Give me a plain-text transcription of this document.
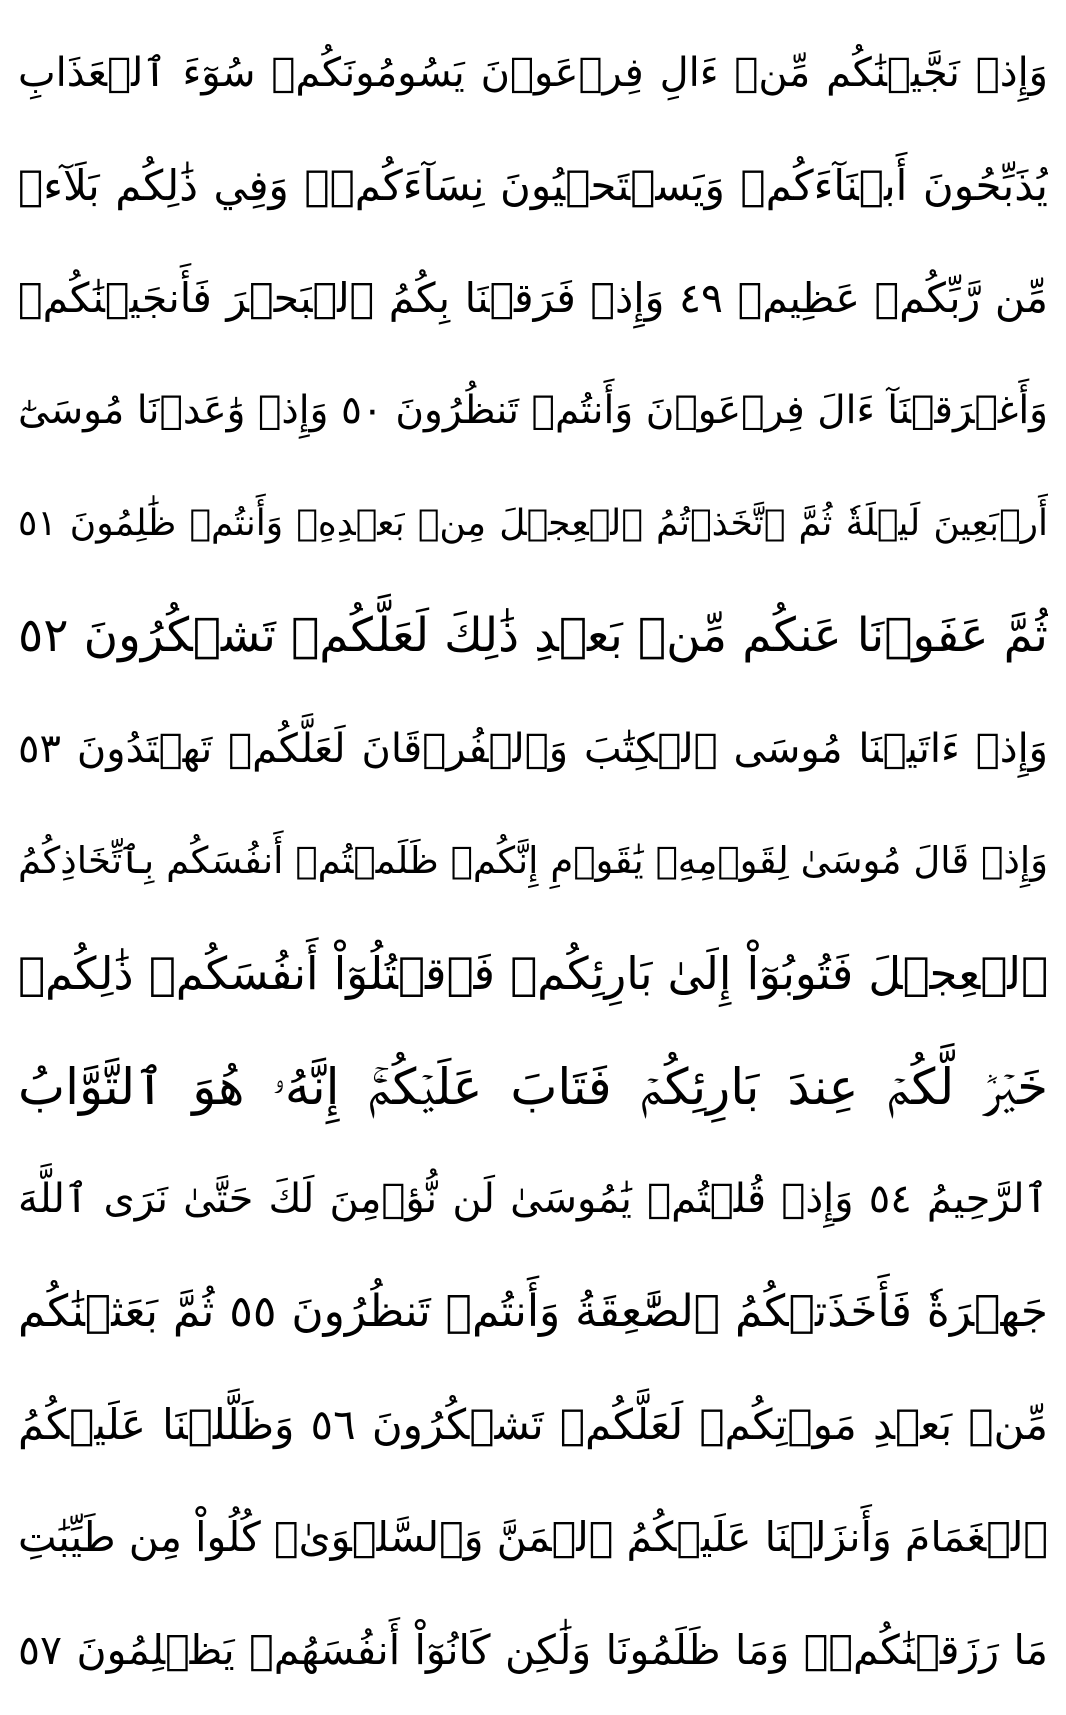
وَإِذۡ نَجَّيۡنَٰكُم مِّنۡ ءَالِ فِرۡعَوۡنَ يَسُومُونَكُمۡ سُوٓءَ ٱلۡعَذَابِ
يُذَبِّحُونَ أَبۡنَآءَكُمۡ وَيَسۡتَحۡيُونَ نِسَآءَكُمۡۚ وَفِي ذَٰلِكُم بَلَآءٞ
مِّن رَّبِّكُمۡ عَظِيمٞ ٤٩ وَإِذۡ فَرَقۡنَا بِكُمُ ٱلۡبَحۡرَ فَأَنجَيۡنَٰكُمۡ
وَأَغۡرَقۡنَآ ءَالَ فِرۡعَوۡنَ وَأَنتُمۡ تَنظُرُونَ ٥٠ وَإِذۡ وَٰعَدۡنَا مُوسَىٰٓ
أَرۡبَعِينَ لَيۡلَةٗ ثُمَّ ٱتَّخَذۡتُمُ ٱلۡعِجۡلَ مِنۢ بَعۡدِهِۦ وَأَنتُمۡ ظَٰلِمُونَ ٥١
ثُمَّ عَفَوۡنَا عَنكُم مِّنۢ بَعۡدِ ذَٰلِكَ لَعَلَّكُمۡ تَشۡكُرُونَ ٥٢
وَإِذۡ ءَاتَيۡنَا مُوسَى ٱلۡكِتَٰبَ وَٱلۡفُرۡقَانَ لَعَلَّكُمۡ تَهۡتَدُونَ ٥٣
وَإِذۡ قَالَ مُوسَىٰ لِقَوۡمِهِۦ يَٰقَوۡمِ إِنَّكُمۡ ظَلَمۡتُمۡ أَنفُسَكُم بِٱتِّخَاذِكُمُ
ٱلۡعِجۡلَ فَتُوبُوٓاْ إِلَىٰ بَارِئِكُمۡ فَٱقۡتُلُوٓاْ أَنفُسَكُمۡ ذَٰلِكُمۡ
خَيۡرٞ لَّكُمۡ عِندَ بَارِئِكُمۡ فَتَابَ عَلَيۡكُمۡۚ إِنَّهُۥ هُوَ ٱلتَّوَّابُ
ٱلرَّحِيمُ ٥٤ وَإِذۡ قُلۡتُمۡ يَٰمُوسَىٰ لَن نُّؤۡمِنَ لَكَ حَتَّىٰ نَرَى ٱللَّهَ
جَهۡرَةٗ فَأَخَذَتۡكُمُ ٱلصَّٰعِقَةُ وَأَنتُمۡ تَنظُرُونَ ٥٥ ثُمَّ بَعَثۡنَٰكُم
مِّنۢ بَعۡدِ مَوۡتِكُمۡ لَعَلَّكُمۡ تَشۡكُرُونَ ٥٦ وَظَلَّلۡنَا عَلَيۡكُمُ
ٱلۡغَمَامَ وَأَنزَلۡنَا عَلَيۡكُمُ ٱلۡمَنَّ وَٱلسَّلۡوَىٰۖ كُلُواْ مِن طَيِّبَٰتِ
مَا رَزَقۡنَٰكُمۡۚ وَمَا ظَلَمُونَا وَلَٰكِن كَانُوٓاْ أَنفُسَهُمۡ يَظۡلِمُونَ ٥٧
